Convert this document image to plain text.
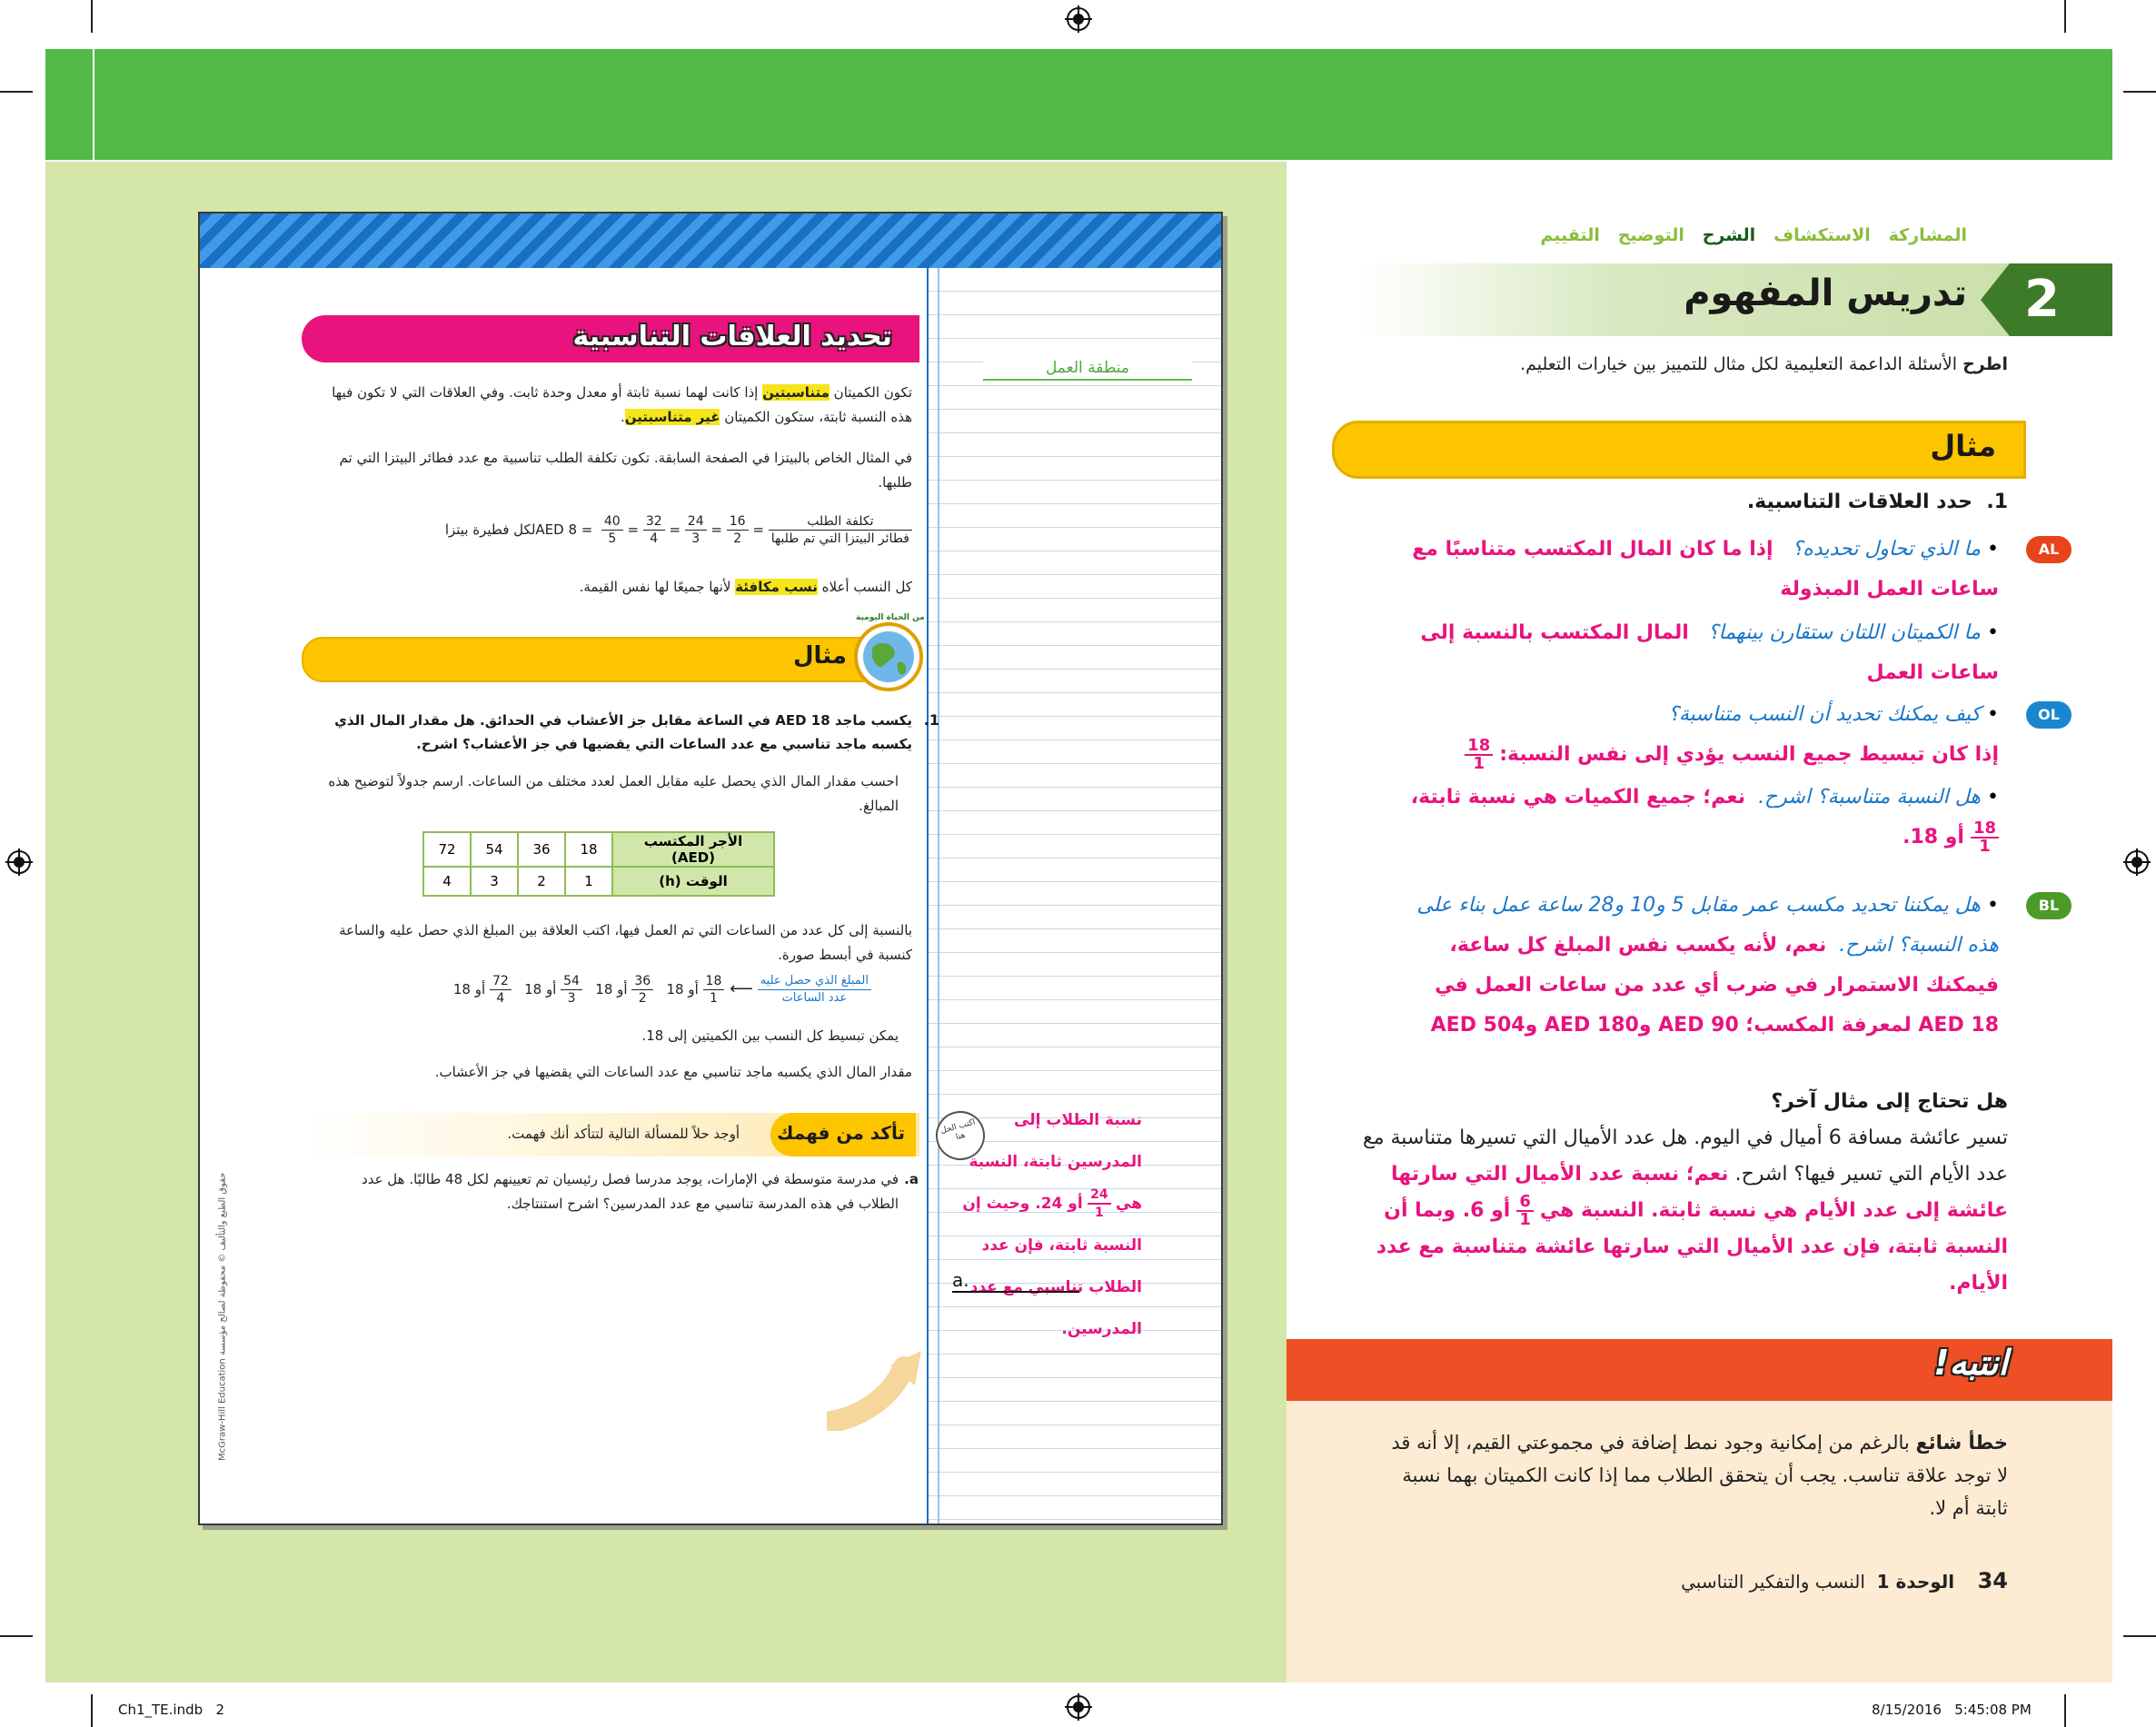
Ch1_TE.indb   2	8/15/2016   5:45:08 PM
المشاركة   الاستكشاف   الشرح   التوضيح   التقييم
2
تدريس المفهوم
اطرح الأسئلة الداعمة التعليمية لكل مثال للتمييز بين خيارات التعليم.
مثال
1.  حدد العلاقات التناسبية.
AL
• ما الذي تحاول تحديده؟   إذا ما كان المال المكتسب متناسبًا مع ساعات العمل المبذولة
• ما الكميتان اللتان ستقارن بينهما؟   المال المكتسب بالنسبة إلى ساعات العمل
OL
• كيف يمكنك تحديد أن النسب متناسبة؟
إذا كان تبسيط جميع النسب يؤدي إلى نفس النسبة:
$\frac{18}{1}$
• هل النسبة متناسبة؟ اشرح.  نعم؛ جميع الكميات هي نسبة ثابتة،

$\frac{18}{1}$
أو 18.
BL
• هل يمكننا تحديد مكسب عمر مقابل 5 و10 و28 ساعة عمل بناء على هذه النسبة؟ اشرح.  نعم، لأنه يكسب نفس المبلغ كل ساعة، فيمكنك الاستمرار في ضرب أي عدد من ساعات العمل في AED 18 لمعرفة المكسب؛ AED 90 وAED 180 وAED 504
هل تحتاج إلى مثال آخر؟
تسير عائشة مسافة 6 أميال في اليوم. هل عدد الأميال التي تسيرها متناسبة مع عدد الأيام التي تسير فيها؟ اشرح. نعم؛ نسبة عدد الأميال التي سارتها عائشة إلى عدد الأيام هي نسبة ثابتة. النسبة هي
$\frac{6}{1}$
أو 6. وبما أن النسبة ثابتة، فإن عدد الأميال التي سارتها عائشة متناسبة مع عدد الأيام.
انتبه!
خطأ شائع بالرغم من إمكانية وجود نمط إضافة في مجموعتي القيم، إلا أنه قد لا توجد علاقة تناسب. يجب أن يتحقق الطلاب مما إذا كانت الكميتان بهما نسبة ثابتة أم لا.
34    الوحدة 1  النسب والتفكير التناسبي
منطقة العمل
اكتب الحل هنا
نسبة الطلاب إلى
المدرسين ثابتة، النسبة
هي
$\frac{24}{1}$
أو 24. وحيث إن
النسبة ثابتة، فإن عدد
الطلاب تناسبي مع عدد
المدرسين.
a.
تحديد العلاقات التناسبية
تكون الكميتان متناسبتين إذا كانت لهما نسبة ثابتة أو معدل وحدة ثابت. وفي العلاقات التي لا تكون فيها هذه النسبة ثابتة، ستكون الكميتان غير متناسبتين.
في المثال الخاص بالبيتزا في الصفحة السابقة. تكون تكلفة الطلب تناسبية مع عدد فطائر البيتزا التي تم طلبها.
$\frac{\text{تكلفة الطلب}}{\text{فطائر البيتزا التي تم طلبها}}$
=
$\frac{16}{2}$
=
$\frac{24}{3}$
=
$\frac{32}{4}$
=
$\frac{40}{5}$
AED 8 = لكل فطيرة بيتزا
كل النسب أعلاه نسب مكافئة لأنها جميعًا لها نفس القيمة.
مثال
من الحياة اليومية
1.
يكسب ماجد AED 18 في الساعة مقابل جز الأعشاب في الحدائق. هل مقدار المال الذي يكسبه ماجد تناسبي مع عدد الساعات التي يقضيها في جز الأعشاب؟ اشرح.
احسب مقدار المال الذي يحصل عليه مقابل العمل لعدد مختلف من الساعات. ارسم جدولاً لتوضيح هذه المبالغ.
الأجر المكتسب (AED)	18	36	54	72
الوقت (h)	1	2	3	4
بالنسبة إلى كل عدد من الساعات التي تم العمل فيها، اكتب العلاقة بين المبلغ الذي حصل عليه والساعة كنسبة في أبسط صورة.
$\frac{\text{المبلغ الذي حصل عليه}}{\text{عدد الساعات}}$
⟵
$\frac{18}{1}$
أو 18
$\frac{36}{2}$
أو 18
$\frac{54}{3}$
أو 18
$\frac{72}{4}$
أو 18
يمكن تبسيط كل النسب بين الكميتين إلى 18.
مقدار المال الذي يكسبه ماجد تناسبي مع عدد الساعات التي يقضيها في جز الأعشاب.
تأكد من فهمك
أوجد حلاً للمسألة التالية لتتأكد أنك فهمت.
a.
في مدرسة متوسطة في الإمارات، يوجد مدرسا فصل رئيسيان تم تعيينهم لكل 48 طالبًا. هل عدد الطلاب في هذه المدرسة تناسبي مع عدد المدرسين؟ اشرح استنتاجك.
حقوق الطبع والتأليف © محفوظة لصالح مؤسسة McGraw-Hill Education
